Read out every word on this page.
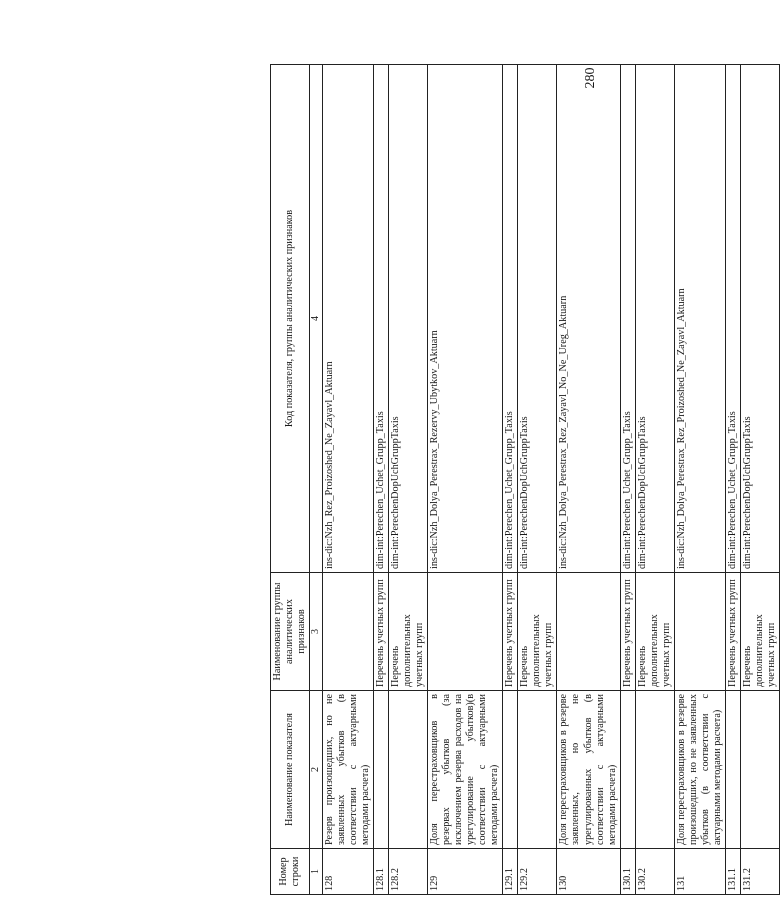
280
Номер строки	Наименование показателя	Наименование группы аналитических признаков	Код показателя, группы аналитических признаков
1	2	3	4
128	Резерв произошедших, но не заявленных убытков (в соответствии с актуарными методами расчета)		ins-dic:Nzh_Rez_Proizoshed_Ne_Zayavl_Aktuarn
128.1		Перечень учетных групп	dim-int:Perechen_Uchet_Grupp_Taxis
128.2		Перечень дополнительных учетных групп	dim-int:PerechenDopUchGruppTaxis
129	Доля перестраховщиков в резервах убытков (за исключением резерва расходов на урегулирование убытков)(в соответствии с актуарными методами расчета)		ins-dic:Nzh_Dolya_Perestrax_Rezervy_Ubytkov_Aktuarn
129.1		Перечень учетных групп	dim-int:Perechen_Uchet_Grupp_Taxis
129.2		Перечень дополнительных учетных групп	dim-int:PerechenDopUchGruppTaxis
130	Доля перестраховщиков в резерве заявленных, но не урегулированных убытков (в соответствии с актуарными методами расчета)		ins-dic:Nzh_Dolya_Perestrax_Rez_Zayavl_No_Ne_Ureg_Aktuarn
130.1		Перечень учетных групп	dim-int:Perechen_Uchet_Grupp_Taxis
130.2		Перечень дополнительных учетных групп	dim-int:PerechenDopUchGruppTaxis
131	Доля перестраховщиков в резерве произошедших, но не заявленных убытков (в соответствии с актуарными методами расчета)		ins-dic:Nzh_Dolya_Perestrax_Rez_Proizoshed_Ne_Zayavl_Aktuarn
131.1		Перечень учетных групп	dim-int:Perechen_Uchet_Grupp_Taxis
131.2		Перечень дополнительных учетных групп	dim-int:PerechenDopUchGruppTaxis
